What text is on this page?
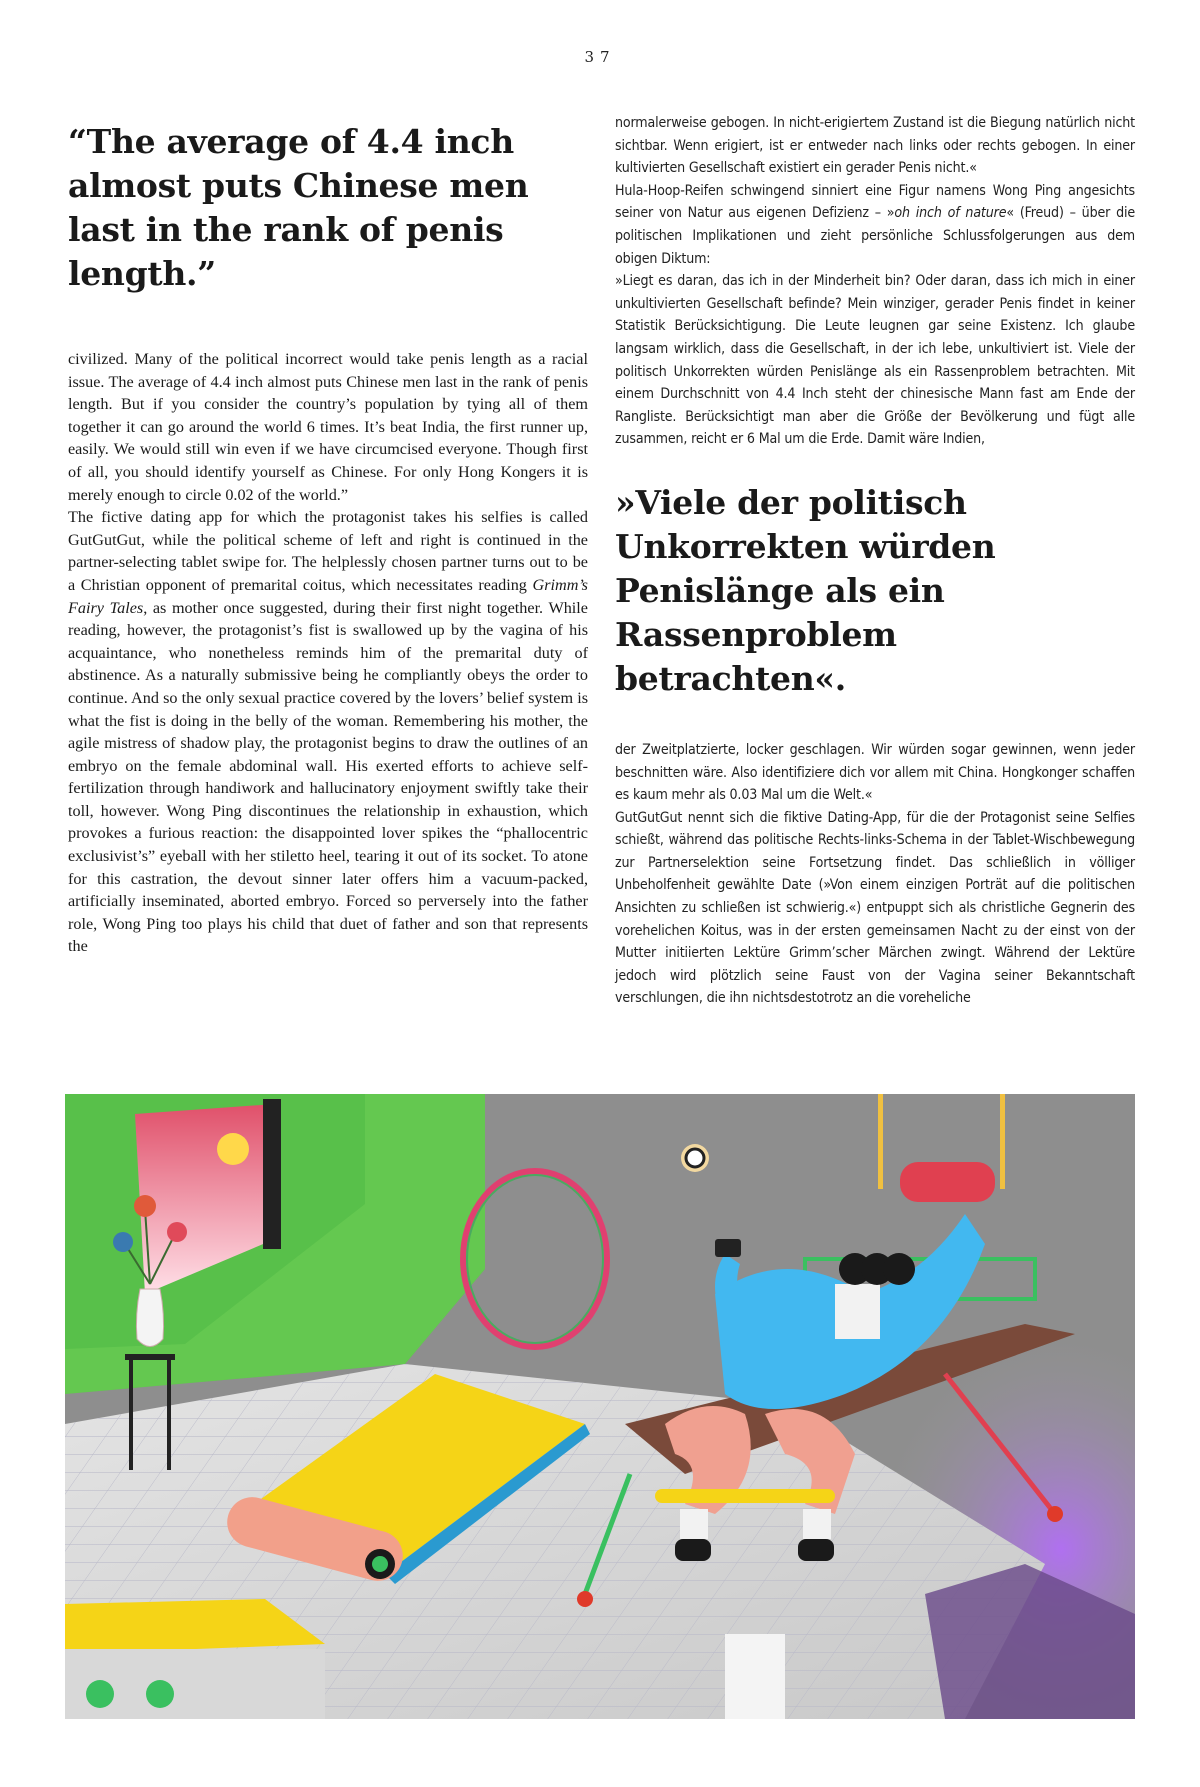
37
“The average of 4.4 inch almost puts Chinese men last in the rank of penis length.”

civilized. Many of the political incorrect would take penis length as a racial issue. The average of 4.4 inch almost puts Chinese men last in the rank of penis length. But if you consider the country’s population by tying all of them together it can go around the world 6 times. It’s beat India, the first runner up, easily. We would still win even if we have circumcised everyone. Though first of all, you should identify yourself as Chinese. For only Hong Kongers it is merely enough to circle 0.02 of the world.”

The fictive dating app for which the protagonist takes his selfies is called GutGutGut, while the political scheme of left and right is continued in the partner-selecting tablet swipe for. The helplessly chosen partner turns out to be a Christian opponent of premarital coitus, which necessitates reading Grimm’s Fairy Tales, as mother once suggested, during their first night together. While reading, however, the protagonist’s fist is swallowed up by the vagina of his acquaintance, who nonetheless reminds him of the premarital duty of abstinence. As a naturally submissive being he compliantly obeys the order to continue. And so the only sexual practice covered by the lovers’ belief system is what the fist is doing in the belly of the woman. Remembering his mother, the agile mistress of shadow play, the protagonist begins to draw the outlines of an embryo on the female abdominal wall. His exerted efforts to achieve self-fertilization through handiwork and hallucinatory enjoyment swiftly take their toll, however. Wong Ping discontinues the relationship in exhaustion, which provokes a furious reaction: the disappointed lover spikes the “phallocentric exclusivist’s” eyeball with her stiletto heel, tearing it out of its socket. To atone for this castration, the devout sinner later offers him a vacuum-packed, artificially inseminated, aborted embryo. Forced so perversely into the father role, Wong Ping too plays his child that duet of father and son that represents the

normalerweise gebogen. In nicht-erigiertem Zustand ist die Biegung natürlich nicht sichtbar. Wenn erigiert, ist er entweder nach links oder rechts gebogen. In einer kultivierten Gesellschaft existiert ein gerader Penis nicht.«

Hula-Hoop-Reifen schwingend sinniert eine Figur namens Wong Ping angesichts seiner von Natur aus eigenen Defizienz – »oh inch of nature« (Freud) – über die politischen Implikationen und zieht persönliche Schlussfolgerungen aus dem obigen Diktum:

»Liegt es daran, das ich in der Minderheit bin? Oder daran, dass ich mich in einer unkultivierten Gesellschaft befinde? Mein winziger, gerader Penis findet in keiner Statistik Berücksichtigung. Die Leute leugnen gar seine Existenz. Ich glaube langsam wirklich, dass die Gesellschaft, in der ich lebe, unkultiviert ist. Viele der politisch Unkorrekten würden Penislänge als ein Rassenproblem betrachten. Mit einem Durchschnitt von 4.4 Inch steht der chinesische Mann fast am Ende der Rangliste. Berücksichtigt man aber die Größe der Bevölkerung und fügt alle zusammen, reicht er 6 Mal um die Erde. Damit wäre Indien,

»Viele der politisch Unkorrekten würden Penislänge als ein Rassenproblem betrachten«.

der Zweitplatzierte, locker geschlagen. Wir würden sogar gewinnen, wenn jeder beschnitten wäre. Also identifiziere dich vor allem mit China. Hongkonger schaffen es kaum mehr als 0.03 Mal um die Welt.«

GutGutGut nennt sich die fiktive Dating-App, für die der Protagonist seine Selfies schießt, während das politische Rechts-links-Schema in der Tablet-Wischbewegung zur Partnerselektion seine Fortsetzung findet. Das schließlich in völliger Unbeholfenheit gewählte Date (»Von einem einzigen Porträt auf die politischen Ansichten zu schließen ist schwierig.«) entpuppt sich als christliche Gegnerin des vorehelichen Koitus, was in der ersten gemeinsamen Nacht zu der einst von der Mutter initiierten Lektüre Grimm’scher Märchen zwingt. Während der Lektüre jedoch wird plötzlich seine Faust von der Vagina seiner Bekanntschaft verschlungen, die ihn nichtsdestotrotz an die voreheliche
